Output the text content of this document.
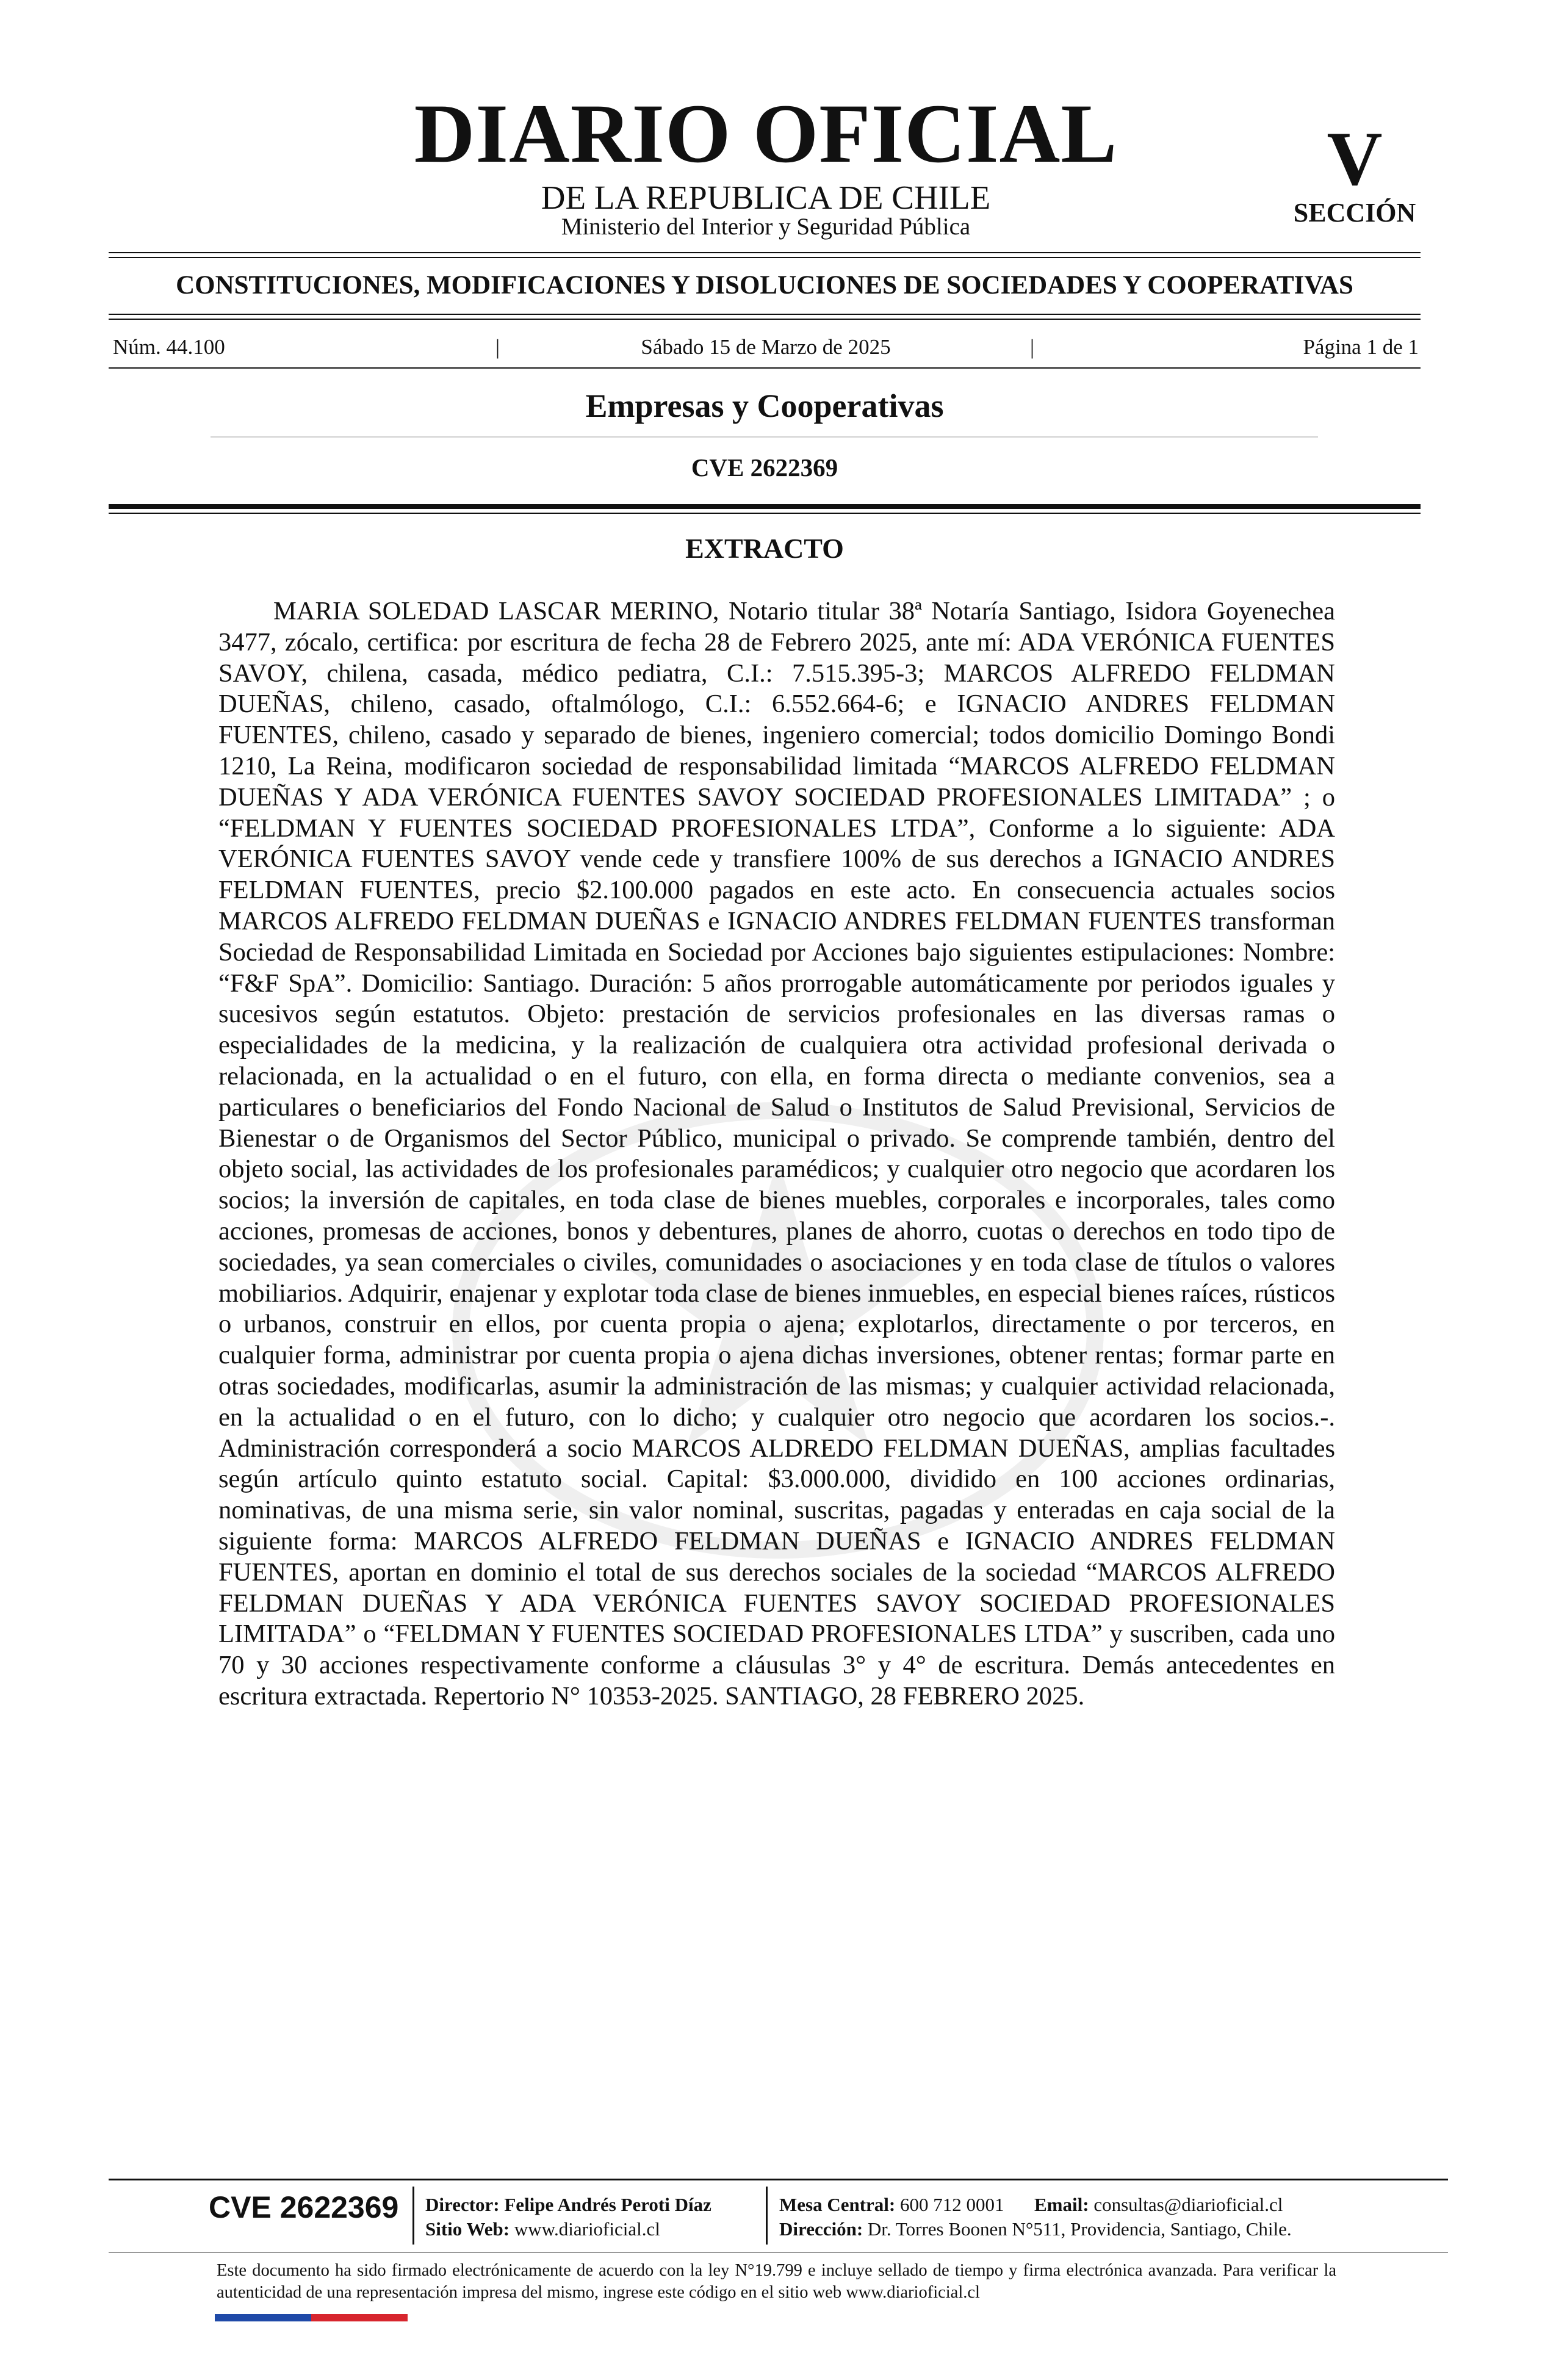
DIARIO OFICIAL
DE LA REPUBLICA DE CHILE
Ministerio del Interior y Seguridad Pública
V
SECCIÓN
CONSTITUCIONES, MODIFICACIONES Y DISOLUCIONES DE SOCIEDADES Y COOPERATIVAS
Núm. 44.100	|	Sábado 15 de Marzo de 2025	|	Página 1 de 1
Empresas y Cooperativas
CVE 2622369
EXTRACTO

MARIA SOLEDAD LASCAR MERINO, Notario titular 38ª Notaría Santiago, Isidora Goyenechea 3477, zócalo, certifica: por escritura de fecha 28 de Febrero 2025, ante mí: ADA VERÓNICA FUENTES SAVOY, chilena, casada, médico pediatra, C.I.: 7.515.395-3; MARCOS ALFREDO FELDMAN DUEÑAS, chileno, casado, oftalmólogo, C.I.: 6.552.664-6; e IGNACIO ANDRES FELDMAN FUENTES, chileno, casado y separado de bienes, ingeniero comercial; todos domicilio Domingo Bondi 1210, La Reina, modificaron sociedad de responsabilidad limitada “MARCOS ALFREDO FELDMAN DUEÑAS Y ADA VERÓNICA FUENTES SAVOY SOCIEDAD PROFESIONALES LIMITADA” ; o “FELDMAN Y FUENTES SOCIEDAD PROFESIONALES LTDA”, Conforme a lo siguiente: ADA VERÓNICA FUENTES SAVOY vende cede y transfiere 100% de sus derechos a IGNACIO ANDRES FELDMAN FUENTES, precio $2.100.000 pagados en este acto. En consecuencia actuales socios MARCOS ALFREDO FELDMAN DUEÑAS e IGNACIO ANDRES FELDMAN FUENTES transforman Sociedad de Responsabilidad Limitada en Sociedad por Acciones bajo siguientes estipulaciones: Nombre: “F&F SpA”. Domicilio: Santiago. Duración: 5 años prorrogable automáticamente por periodos iguales y sucesivos según estatutos. Objeto: prestación de servicios profesionales en las diversas ramas o especialidades de la medicina, y la realización de cualquiera otra actividad profesional derivada o relacionada, en la actualidad o en el futuro, con ella, en forma directa o mediante convenios, sea a particulares o beneficiarios del Fondo Nacional de Salud o Institutos de Salud Previsional, Servicios de Bienestar o de Organismos del Sector Público, municipal o privado. Se comprende también, dentro del objeto social, las actividades de los profesionales paramédicos; y cualquier otro negocio que acordaren los socios; la inversión de capitales, en toda clase de bienes muebles, corporales e incorporales, tales como acciones, promesas de acciones, bonos y debentures, planes de ahorro, cuotas o derechos en todo tipo de sociedades, ya sean comerciales o civiles, comunidades o asociaciones y en toda clase de títulos o valores mobiliarios. Adquirir, enajenar y explotar toda clase de bienes inmuebles, en especial bienes raíces, rústicos o urbanos, construir en ellos, por cuenta propia o ajena; explotarlos, directamente o por terceros, en cualquier forma, administrar por cuenta propia o ajena dichas inversiones, obtener rentas; formar parte en otras sociedades, modificarlas, asumir la administración de las mismas; y cualquier actividad relacionada, en la actualidad o en el futuro, con lo dicho; y cualquier otro negocio que acordaren los socios.-. Administración corresponderá a socio MARCOS ALDREDO FELDMAN DUEÑAS, amplias facultades según artículo quinto estatuto social. Capital: $3.000.000, dividido en 100 acciones ordinarias, nominativas, de una misma serie, sin valor nominal, suscritas, pagadas y enteradas en caja social de la siguiente forma: MARCOS ALFREDO FELDMAN DUEÑAS e IGNACIO ANDRES FELDMAN FUENTES, aportan en dominio el total de sus derechos sociales de la sociedad “MARCOS ALFREDO FELDMAN DUEÑAS Y ADA VERÓNICA FUENTES SAVOY SOCIEDAD PROFESIONALES LIMITADA” o “FELDMAN Y FUENTES SOCIEDAD PROFESIONALES LTDA” y suscriben, cada uno 70 y 30 acciones respectivamente conforme a cláusulas 3° y 4° de escritura. Demás antecedentes en escritura extractada. Repertorio N° 10353-2025. SANTIAGO, 28 FEBRERO 2025.

CVE 2622369 Director: Felipe Andrés Peroti Díaz
Sitio Web: www.diarioficial.cl
Mesa Central: 600 712 0001 Email: consultas@diarioficial.cl
Dirección: Dr. Torres Boonen N°511, Providencia, Santiago, Chile.

Este documento ha sido firmado electrónicamente de acuerdo con la ley N°19.799 e incluye sellado de tiempo y firma electrónica avanzada. Para verificar la autenticidad de una representación impresa del mismo, ingrese este código en el sitio web www.diarioficial.cl
